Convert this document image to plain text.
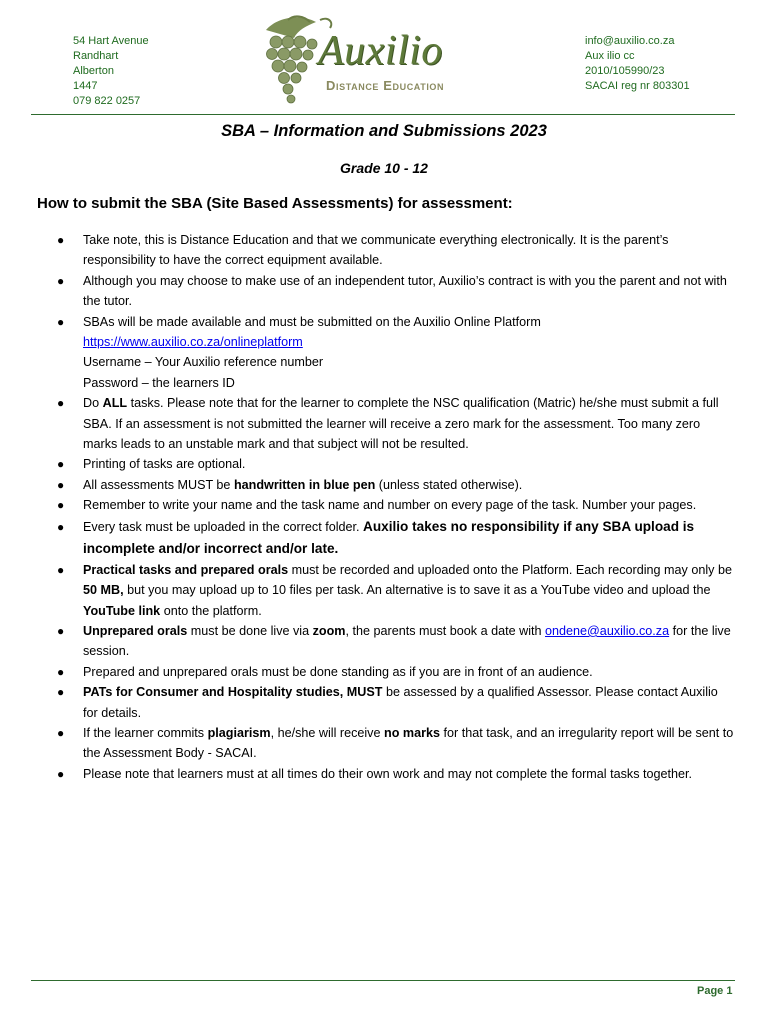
54 Hart Avenue
Randhart
Alberton
1447
079 822 0257
Auxilio
Distance Education
info@auxilio.co.za
Aux ilio cc
2010/105990/23
SACAI reg nr 803301
SBA – Information and Submissions 2023
Grade 10 - 12
How to submit the SBA (Site Based Assessments) for assessment:
● Take note, this is Distance Education and that we communicate everything electronically. It is the parent’s responsibility to have the correct equipment available.
● Although you may choose to make use of an independent tutor, Auxilio’s contract is with you the parent and not with the tutor.
● SBAs will be made available and must be submitted on the Auxilio Online Platform
https://www.auxilio.co.za/onlineplatform
Username – Your Auxilio reference number
Password – the learners ID
● Do ALL tasks. Please note that for the learner to complete the NSC qualification (Matric) he/she must submit a full SBA. If an assessment is not submitted the learner will receive a zero mark for the assessment. Too many zero marks leads to an unstable mark and that subject will not be resulted.
● Printing of tasks are optional.
● All assessments MUST be handwritten in blue pen (unless stated otherwise).
● Remember to write your name and the task name and number on every page of the task. Number your pages.
● Every task must be uploaded in the correct folder. Auxilio takes no responsibility if any SBA upload is incomplete and/or incorrect and/or late.
● Practical tasks and prepared orals must be recorded and uploaded onto the Platform. Each recording may only be 50 MB, but you may upload up to 10 files per task. An alternative is to save it as a YouTube video and upload the YouTube link onto the platform.
● Unprepared orals must be done live via zoom, the parents must book a date with ondene@auxilio.co.za for the live session.
● Prepared and unprepared orals must be done standing as if you are in front of an audience.
● PATs for Consumer and Hospitality studies, MUST be assessed by a qualified Assessor. Please contact Auxilio for details.
● If the learner commits plagiarism, he/she will receive no marks for that task, and an irregularity report will be sent to the Assessment Body - SACAI.
● Please note that learners must at all times do their own work and may not complete the formal tasks together.
Page 1
